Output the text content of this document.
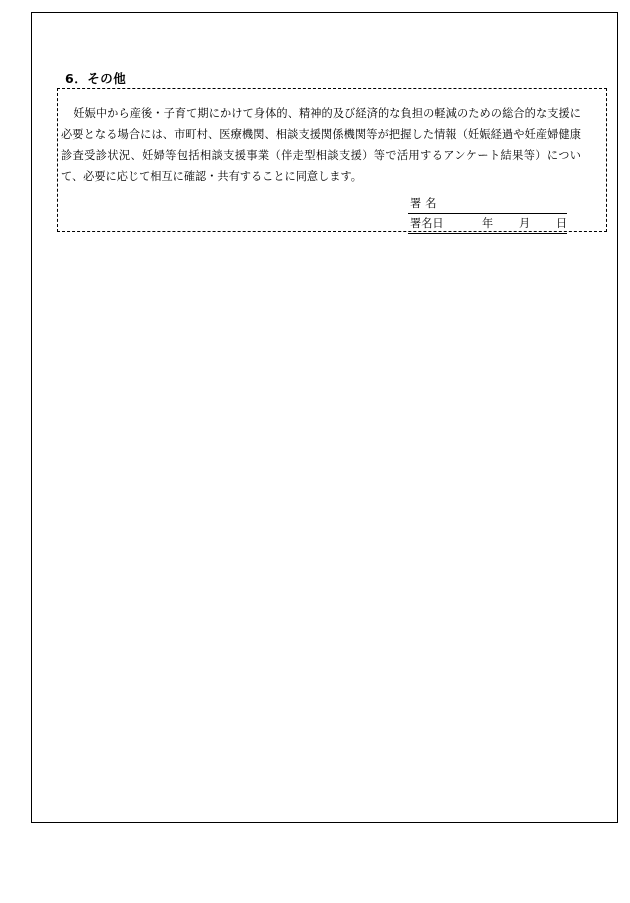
6．その他

妊娠中から産後・子育て期にかけて身体的、精神的及び経済的な負担の軽減のための総合的な支援に必要となる場合には、市町村、医療機関、相談支援関係機関等が把握した情報（妊娠経過や妊産婦健康診査受診状況、妊婦等包括相談支援事業（伴走型相談支援）等で活用するアンケート結果等）について、必要に応じて相互に確認・共有することに同意します。

署名
署名日	年 月 日
